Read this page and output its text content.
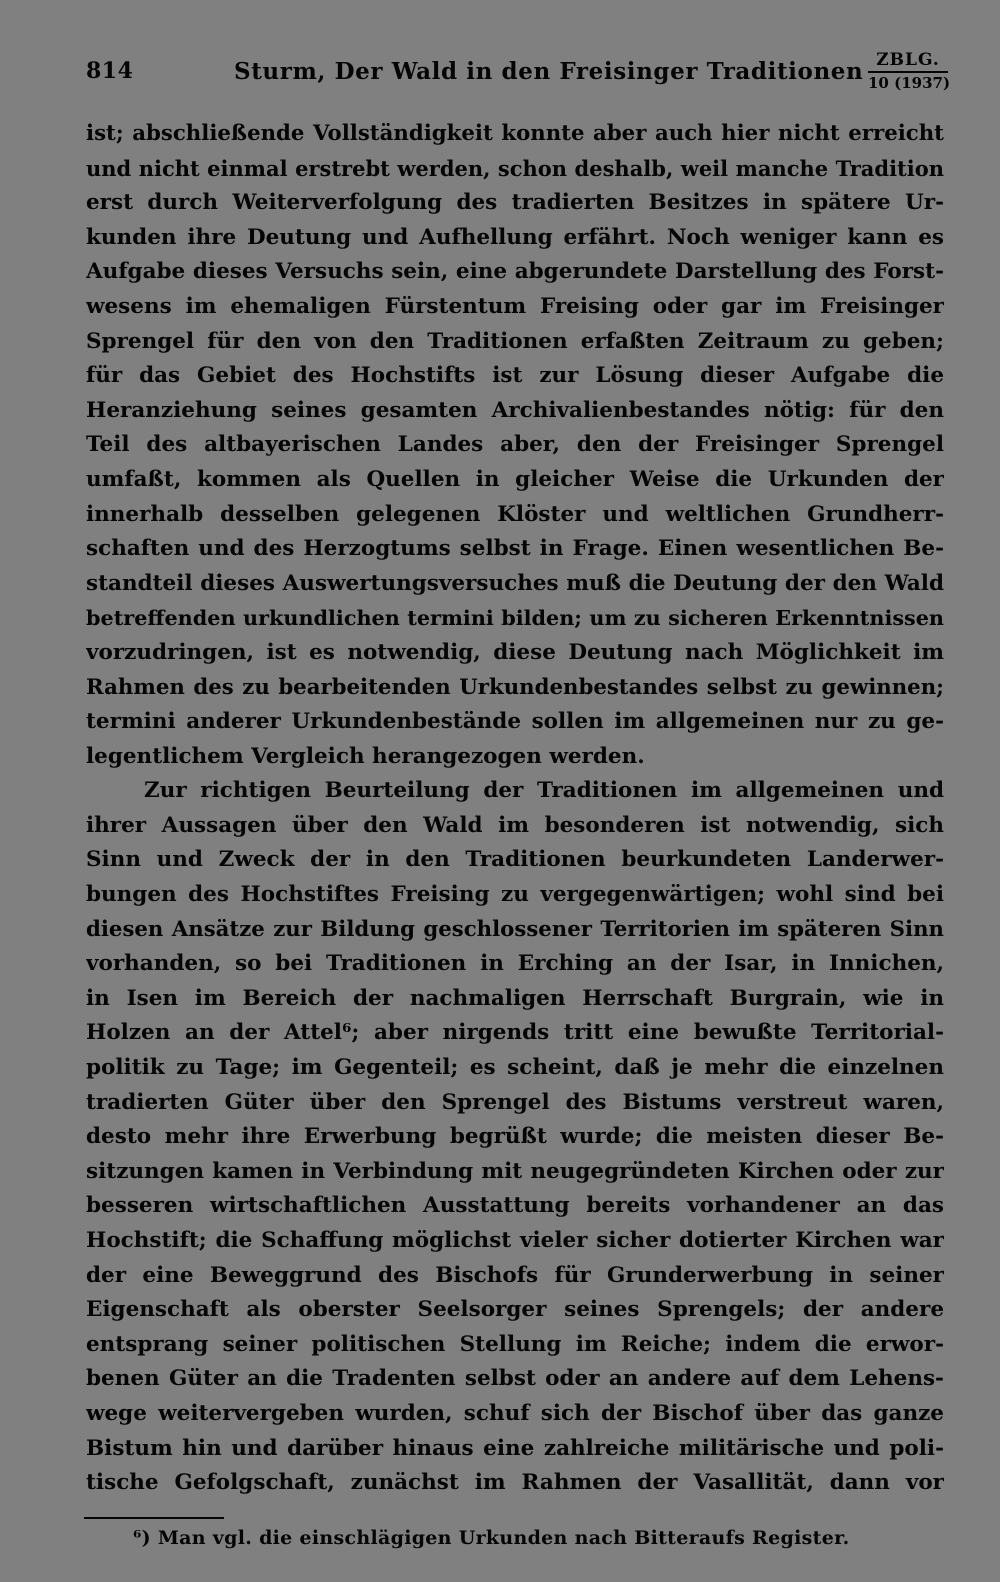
814	Sturm, Der Wald in den Freisinger Traditionen ZBLG.
10 (1937)
ist; abschließende Vollständigkeit konnte aber auch hier nicht erreicht
und nicht einmal erstrebt werden, schon deshalb, weil manche Tradition
erst durch Weiterverfolgung des tradierten Besitzes in spätere Ur-
kunden ihre Deutung und Aufhellung erfährt. Noch weniger kann es
Aufgabe dieses Versuchs sein, eine abgerundete Darstellung des Forst-
wesens im ehemaligen Fürstentum Freising oder gar im Freisinger
Sprengel für den von den Traditionen erfaßten Zeitraum zu geben;
für das Gebiet des Hochstifts ist zur Lösung dieser Aufgabe die
Heranziehung seines gesamten Archivalienbestandes nötig: für den
Teil des altbayerischen Landes aber, den der Freisinger Sprengel
umfaßt, kommen als Quellen in gleicher Weise die Urkunden der
innerhalb desselben gelegenen Klöster und weltlichen Grundherr-
schaften und des Herzogtums selbst in Frage. Einen wesentlichen Be-
standteil dieses Auswertungsversuches muß die Deutung der den Wald
betreffenden urkundlichen termini bilden; um zu sicheren Erkenntnissen
vorzudringen, ist es notwendig, diese Deutung nach Möglichkeit im
Rahmen des zu bearbeitenden Urkundenbestandes selbst zu gewinnen;
termini anderer Urkundenbestände sollen im allgemeinen nur zu ge-
legentlichem Vergleich herangezogen werden.
Zur richtigen Beurteilung der Traditionen im allgemeinen und
ihrer Aussagen über den Wald im besonderen ist notwendig, sich
Sinn und Zweck der in den Traditionen beurkundeten Landerwer-
bungen des Hochstiftes Freising zu vergegenwärtigen; wohl sind bei
diesen Ansätze zur Bildung geschlossener Territorien im späteren Sinn
vorhanden, so bei Traditionen in Erching an der Isar, in Innichen,
in Isen im Bereich der nachmaligen Herrschaft Burgrain, wie in
Holzen an der Attel⁶; aber nirgends tritt eine bewußte Territorial-
politik zu Tage; im Gegenteil; es scheint, daß je mehr die einzelnen
tradierten Güter über den Sprengel des Bistums verstreut waren,
desto mehr ihre Erwerbung begrüßt wurde; die meisten dieser Be-
sitzungen kamen in Verbindung mit neugegründeten Kirchen oder zur
besseren wirtschaftlichen Ausstattung bereits vorhandener an das
Hochstift; die Schaffung möglichst vieler sicher dotierter Kirchen war
der eine Beweggrund des Bischofs für Grunderwerbung in seiner
Eigenschaft als oberster Seelsorger seines Sprengels; der andere
entsprang seiner politischen Stellung im Reiche; indem die erwor-
benen Güter an die Tradenten selbst oder an andere auf dem Lehens-
wege weitervergeben wurden, schuf sich der Bischof über das ganze
Bistum hin und darüber hinaus eine zahlreiche militärische und poli-
tische Gefolgschaft, zunächst im Rahmen der Vasallität, dann vor
⁶) Man vgl. die einschlägigen Urkunden nach Bitteraufs Register.
